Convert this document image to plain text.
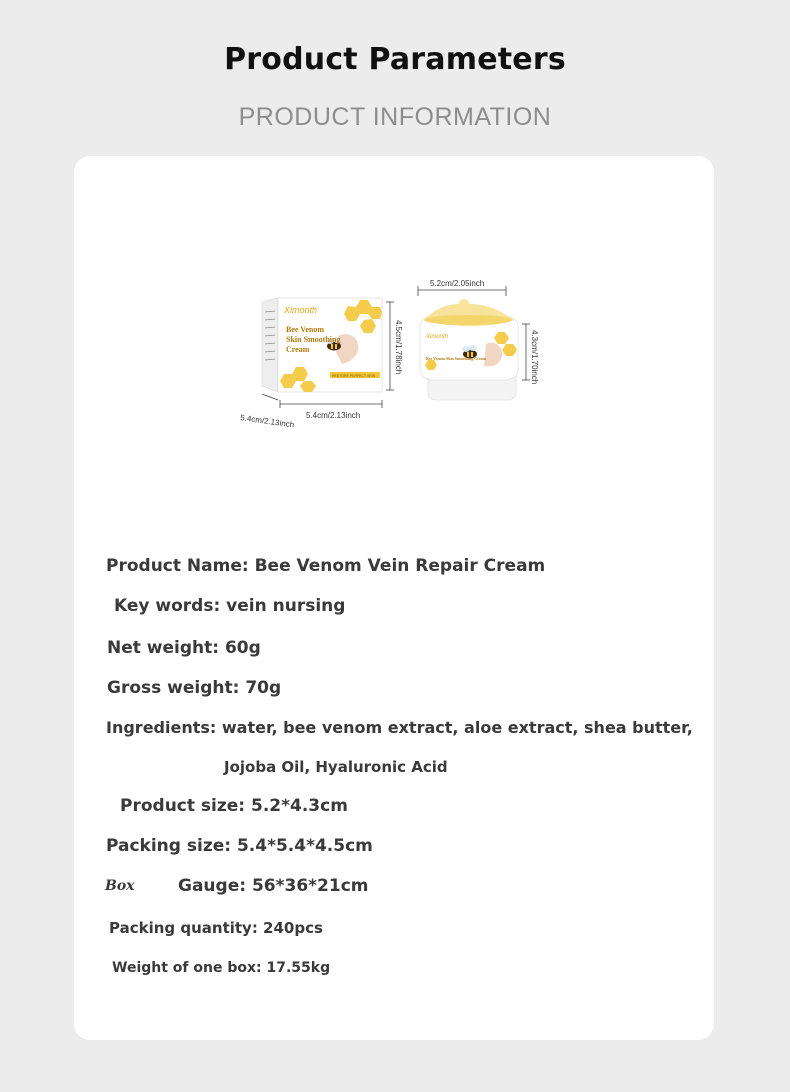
Product Parameters
PRODUCT INFORMATION
Ximonth
Bee Venom
Skin Smoothing
Cream
RESTORE PERFECT SKIN
4.5cm/1.78inch
5.4cm/2.13inch
5.4cm/2.13inch
5.2cm/2.05inch
Ximonth
Bee Venom Skin Smoothing Cream	4.3cm/1.70inch
Product Name: Bee Venom Vein Repair Cream
Key words: vein nursing
Net weight: 60g
Gross weight: 70g
Ingredients: water, bee venom extract, aloe extract, shea butter,
Jojoba Oil, Hyaluronic Acid
Product size: 5.2*4.3cm
Packing size: 5.4*5.4*4.5cm
Box	Gauge: 56*36*21cm
Packing quantity: 240pcs
Weight of one box: 17.55kg
